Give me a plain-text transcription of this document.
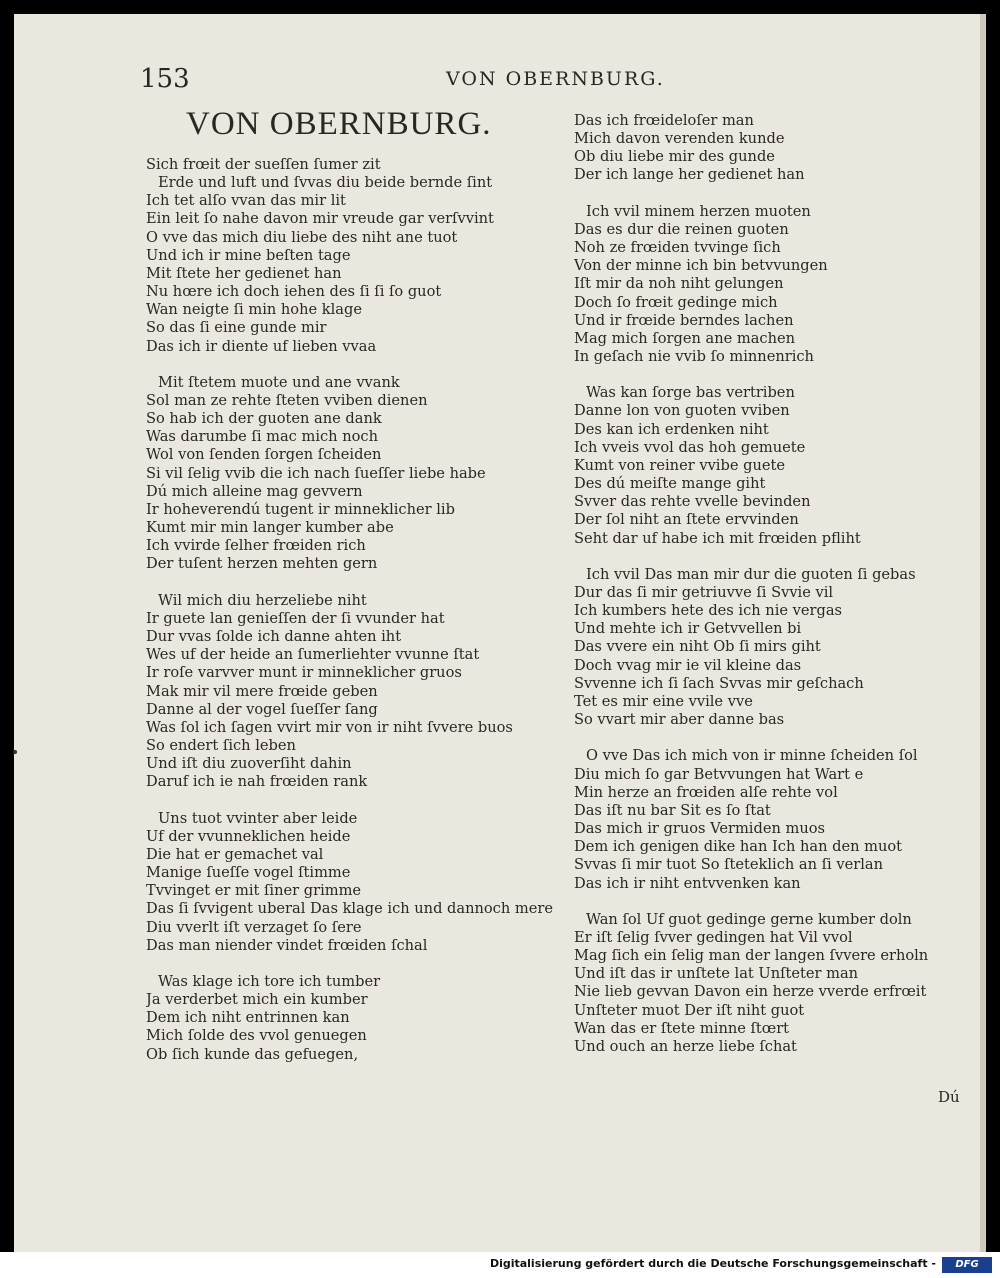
153	VON OBERNBURG.
VON OBERNBURG.
Sich frœit der sueſſen ſumer zit
Erde und luft und ſvvas diu beide bernde ſint
Ich tet alſo vvan das mir lit
Ein leit ſo nahe davon mir vreude gar verſvvint
O vve das mich diu liebe des niht ane tuot
Und ich ir mine beſten tage
Mit ſtete her gedienet han
Nu hœre ich doch iehen des ſi ſi ſo guot
Wan neigte ſi min hohe klage
So das ſi eine gunde mir
Das ich ir diente uf lieben vvaa
Mit ſtetem muote und ane vvank
Sol man ze rehte ſteten vviben dienen
So hab ich der guoten ane dank
Was darumbe ſi mac mich noch
Wol von ſenden ſorgen ſcheiden
Si vil ſelig vvib die ich nach ſueſſer liebe habe
Dú mich alleine mag gevvern
Ir hoheverendú tugent ir minneklicher lib
Kumt mir min langer kumber abe
Ich vvirde ſelher frœiden rich
Der tuſent herzen mehten gern
Wil mich diu herzeliebe niht
Ir guete lan genieſſen der ſi vvunder hat
Dur vvas ſolde ich danne ahten iht
Wes uf der heide an ſumerliehter vvunne ſtat
Ir roſe varvver munt ir minneklicher gruos
Mak mir vil mere frœide geben
Danne al der vogel ſueſſer ſang
Was ſol ich ſagen vvirt mir von ir niht ſvvere buos
So endert ſich leben
Und iſt diu zuoverſiht dahin
Daruf ich ie nah frœiden rank
Uns tuot vvinter aber leide
Uf der vvunneklichen heide
Die hat er gemachet val
Manige ſueſſe vogel ſtimme
Tvvinget er mit ſiner grimme
Das ſi ſvvigent uberal Das klage ich und dannoch mere
Diu vverlt iſt verzaget ſo ſere
Das man niender vindet frœiden ſchal
Was klage ich tore ich tumber
Ja verderbet mich ein kumber
Dem ich niht entrinnen kan
Mich ſolde des vvol genuegen
Ob ſich kunde das gefuegen,
Das ich frœideloſer man
Mich davon verenden kunde
Ob diu liebe mir des gunde
Der ich lange her gedienet han
Ich vvil minem herzen muoten
Das es dur die reinen guoten
Noh ze frœiden tvvinge ſich
Von der minne ich bin betvvungen
Iſt mir da noh niht gelungen
Doch ſo frœit gedinge mich
Und ir frœide berndes lachen
Mag mich ſorgen ane machen
In geſach nie vvib ſo minnenrich
Was kan ſorge bas vertriben
Danne lon von guoten vviben
Des kan ich erdenken niht
Ich vveis vvol das hoh gemuete
Kumt von reiner vvibe guete
Des dú meiſte mange giht
Svver das rehte vvelle bevinden
Der ſol niht an ſtete ervvinden
Seht dar uf habe ich mit frœiden pfliht
Ich vvil Das man mir dur die guoten ſi gebas
Dur das ſi mir getriuvve ſi Svvie vil
Ich kumbers hete des ich nie vergas
Und mehte ich ir Getvvellen bi
Das vvere ein niht Ob ſi mirs giht
Doch vvag mir ie vil kleine das
Svvenne ich ſi ſach Svvas mir geſchach
Tet es mir eine vvile vve
So vvart mir aber danne bas
O vve Das ich mich von ir minne ſcheiden ſol
Diu mich ſo gar Betvvungen hat Wart e
Min herze an frœiden alſe rehte vol
Das iſt nu bar Sit es ſo ſtat
Das mich ir gruos Vermiden muos
Dem ich genigen dike han Ich han den muot
Svvas ſi mir tuot So ſteteklich an ſi verlan
Das ich ir niht entvvenken kan
Wan ſol Uf guot gedinge gerne kumber doln
Er iſt ſelig ſvver gedingen hat Vil vvol
Mag ſich ein ſelig man der langen ſvvere erholn
Und iſt das ir unſtete lat Unſteter man
Nie lieb gevvan Davon ein herze vverde erfrœit
Unſteter muot Der iſt niht guot
Wan das er ſtete minne ſtœrt
Und ouch an herze liebe ſchat
Dú
Digitalisierung gefördert durch die Deutsche Forschungsgemeinschaft -	DFG
